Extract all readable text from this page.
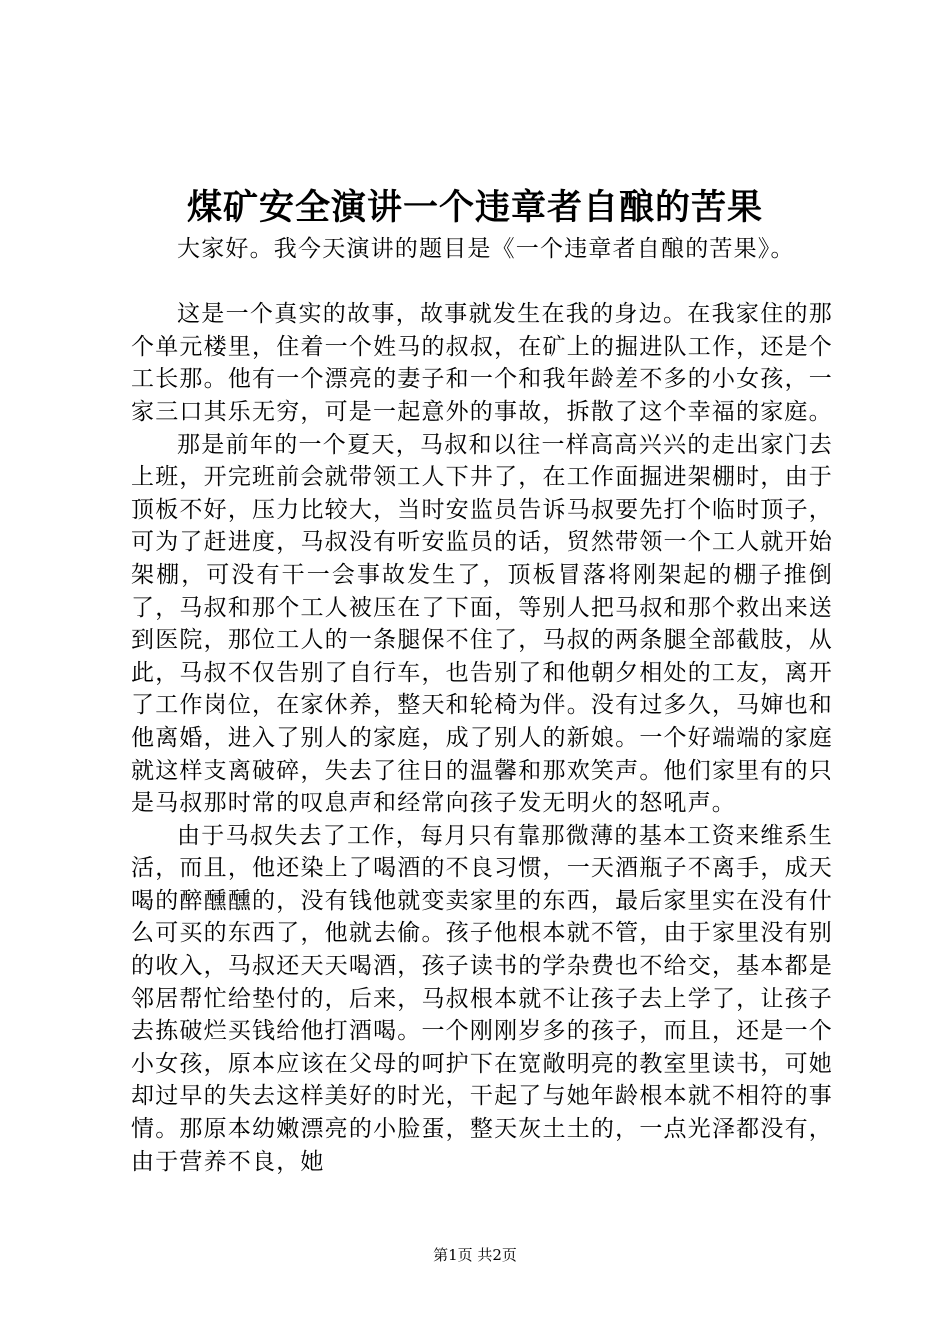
煤矿安全演讲一个违章者自酿的苦果

大家好。我今天演讲的题目是《一个违章者自酿的苦果》。

这是一个真实的故事，故事就发生在我的身边。在我家住的那个单元楼里，住着一个姓马的叔叔，在矿上的掘进队工作，还是个工长那。他有一个漂亮的妻子和一个和我年龄差不多的小女孩，一家三口其乐无穷，可是一起意外的事故，拆散了这个幸福的家庭。

那是前年的一个夏天，马叔和以往一样高高兴兴的走出家门去上班，开完班前会就带领工人下井了，在工作面掘进架棚时，由于顶板不好，压力比较大，当时安监员告诉马叔要先打个临时顶子，可为了赶进度，马叔没有听安监员的话，贸然带领一个工人就开始架棚，可没有干一会事故发生了，顶板冒落将刚架起的棚子推倒了，马叔和那个工人被压在了下面，等别人把马叔和那个救出来送到医院，那位工人的一条腿保不住了，马叔的两条腿全部截肢，从此，马叔不仅告别了自行车，也告别了和他朝夕相处的工友，离开了工作岗位，在家休养，整天和轮椅为伴。没有过多久，马婶也和他离婚，进入了别人的家庭，成了别人的新娘。一个好端端的家庭就这样支离破碎，失去了往日的温馨和那欢笑声。他们家里有的只是马叔那时常的叹息声和经常向孩子发无明火的怒吼声。

由于马叔失去了工作，每月只有靠那微薄的基本工资来维系生活，而且，他还染上了喝酒的不良习惯，一天酒瓶子不离手，成天喝的醉醺醺的，没有钱他就变卖家里的东西，最后家里实在没有什么可买的东西了，他就去偷。孩子他根本就不管，由于家里没有别的收入，马叔还天天喝酒，孩子读书的学杂费也不给交，基本都是邻居帮忙给垫付的，后来，马叔根本就不让孩子去上学了，让孩子去拣破烂买钱给他打酒喝。一个刚刚岁多的孩子，而且，还是一个小女孩，原本应该在父母的呵护下在宽敞明亮的教室里读书，可她却过早的失去这样美好的时光，干起了与她年龄根本就不相符的事情。那原本幼嫩漂亮的小脸蛋，整天灰土土的，一点光泽都没有，由于营养不良，她

第1页 共2页
